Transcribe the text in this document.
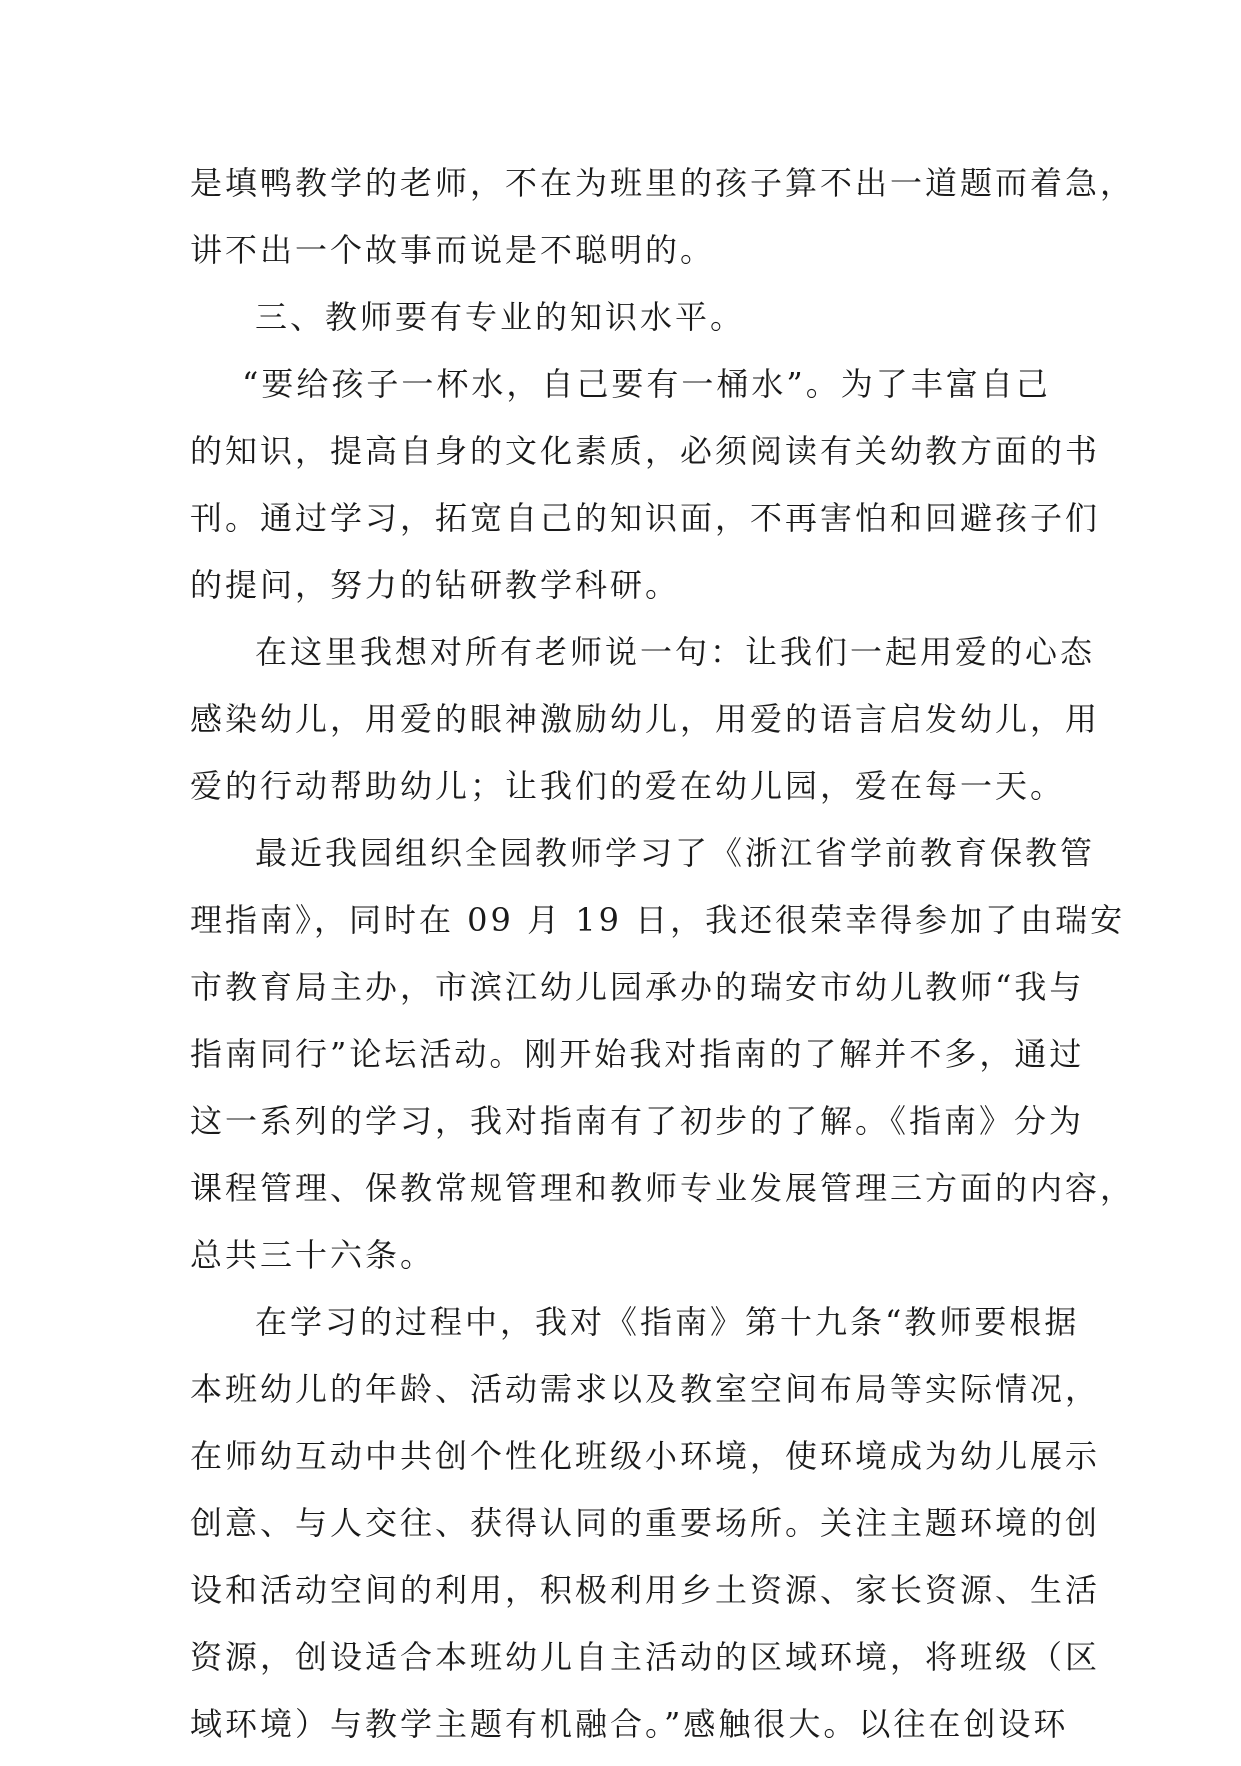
是填鸭教学的老师，不在为班里的孩子算不出一道题而着急，
讲不出一个故事而说是不聪明的。
三、教师要有专业的知识水平。
“要给孩子一杯水，自己要有一桶水”。为了丰富自己
的知识，提高自身的文化素质，必须阅读有关幼教方面的书
刊。通过学习，拓宽自己的知识面，不再害怕和回避孩子们
的提问，努力的钻研教学科研。
在这里我想对所有老师说一句：让我们一起用爱的心态
感染幼儿，用爱的眼神激励幼儿，用爱的语言启发幼儿，用
爱的行动帮助幼儿；让我们的爱在幼儿园，爱在每一天。
最近我园组织全园教师学习了《浙江省学前教育保教管
理指南》，同时在 09 月 19 日，我还很荣幸得参加了由瑞安
市教育局主办，市滨江幼儿园承办的瑞安市幼儿教师“我与
指南同行”论坛活动。刚开始我对指南的了解并不多，通过
这一系列的学习，我对指南有了初步的了解。《指南》分为
课程管理、保教常规管理和教师专业发展管理三方面的内容，
总共三十六条。
在学习的过程中，我对《指南》第十九条“教师要根据
本班幼儿的年龄、活动需求以及教室空间布局等实际情况，
在师幼互动中共创个性化班级小环境，使环境成为幼儿展示
创意、与人交往、获得认同的重要场所。关注主题环境的创
设和活动空间的利用，积极利用乡土资源、家长资源、生活
资源，创设适合本班幼儿自主活动的区域环境，将班级（区
域环境）与教学主题有机融合。”感触很大。以往在创设环
